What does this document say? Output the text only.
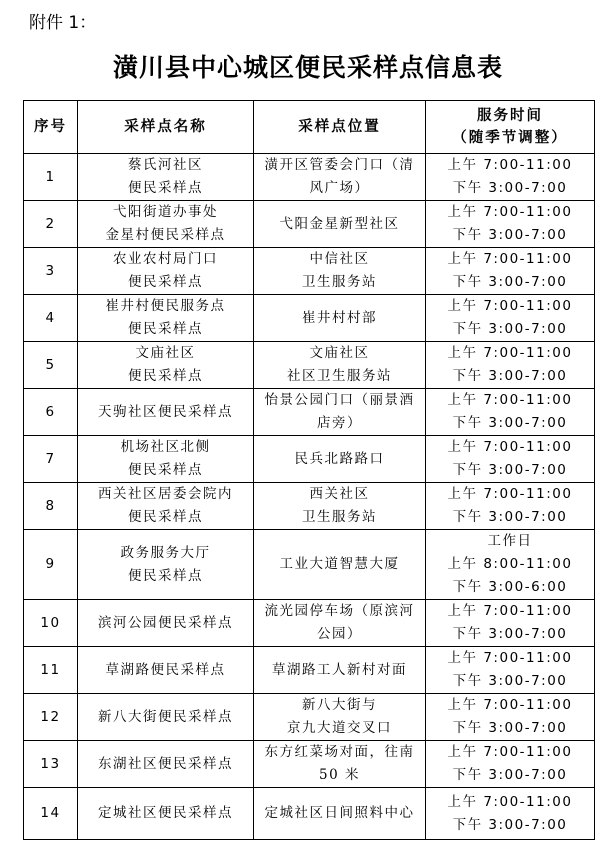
附件 1：
潢川县中心城区便民采样点信息表
序号	采样点名称	采样点位置	服务时间
（随季节调整）

1	蔡氏河社区
便民采样点	潢开区管委会门口（清
风广场）	上午 7:00-11:00
下午 3:00-7:00

2	弋阳街道办事处
金星村便民采样点	弋阳金星新型社区	上午 7:00-11:00
下午 3:00-7:00

3	农业农村局门口
便民采样点	中信社区
卫生服务站	上午 7:00-11:00
下午 3:00-7:00

4	崔井村便民服务点
便民采样点	崔井村村部	上午 7:00-11:00
下午 3:00-7:00

5	文庙社区
便民采样点	文庙社区
社区卫生服务站	上午 7:00-11:00
下午 3:00-7:00

6	天驹社区便民采样点	怡景公园门口（丽景酒
店旁）	上午 7:00-11:00
下午 3:00-7:00

7	机场社区北侧
便民采样点	民兵北路路口	上午 7:00-11:00
下午 3:00-7:00

8	西关社区居委会院内
便民采样点	西关社区
卫生服务站	上午 7:00-11:00
下午 3:00-7:00

9	政务服务大厅
便民采样点	工业大道智慧大厦	工作日
上午 8:00-11:00
下午 3:00-6:00

10	滨河公园便民采样点	流光园停车场（原滨河
公园）	上午 7:00-11:00
下午 3:00-7:00

11	草湖路便民采样点	草湖路工人新村对面	上午 7:00-11:00
下午 3:00-7:00

12	新八大街便民采样点	新八大街与
京九大道交叉口	上午 7:00-11:00
下午 3:00-7:00

13	东湖社区便民采样点	东方红菜场对面，往南
50 米	上午 7:00-11:00
下午 3:00-7:00

14	定城社区便民采样点	定城社区日间照料中心	上午 7:00-11:00
下午 3:00-7:00
